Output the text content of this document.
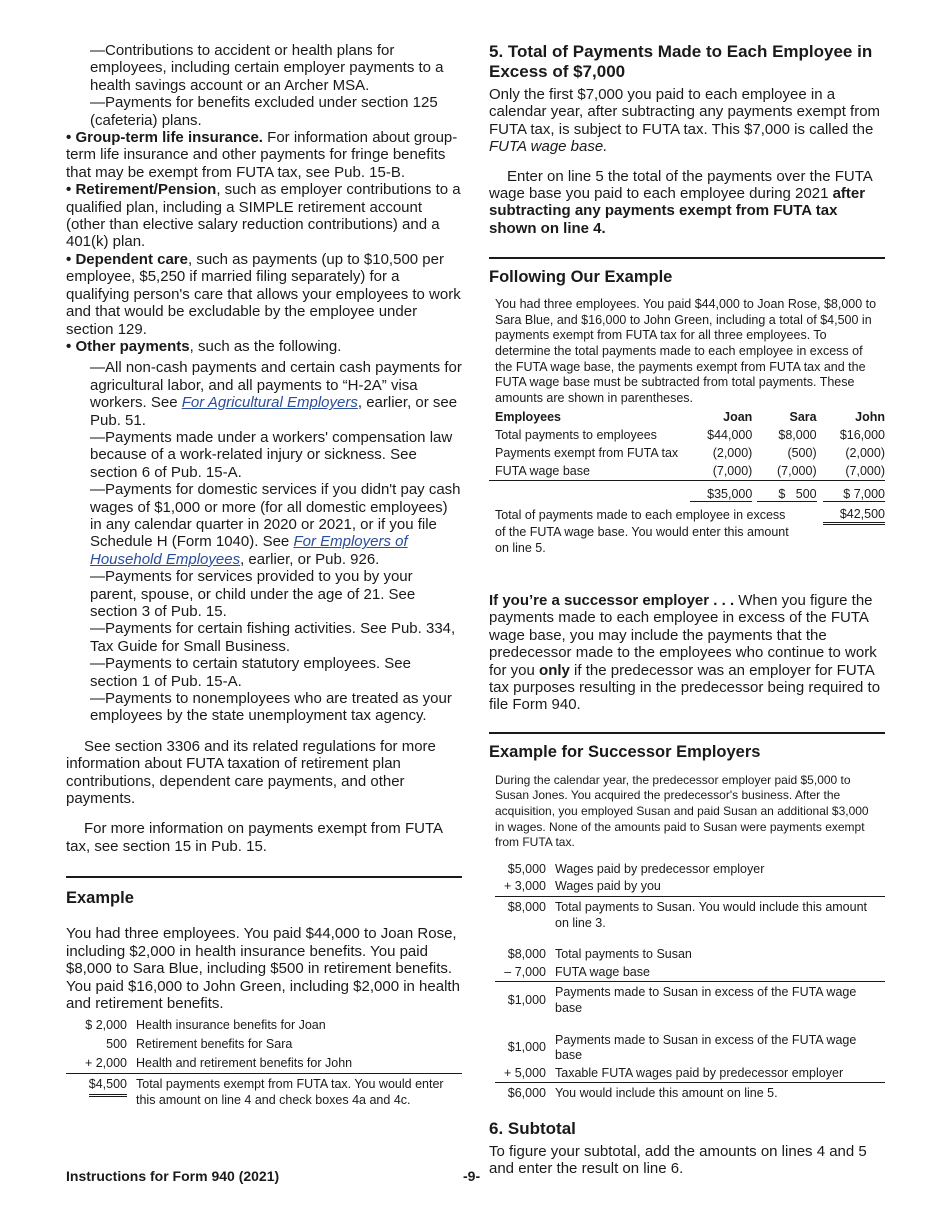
—Contributions to accident or health plans for employees, including certain employer payments to a health savings account or an Archer MSA.

—Payments for benefits excluded under section 125 (cafeteria) plans.

• Group-term life insurance. For information about group-term life insurance and other payments for fringe benefits that may be exempt from FUTA tax, see Pub. 15-B.

• Retirement/Pension, such as employer contributions to a qualified plan, including a SIMPLE retirement account (other than elective salary reduction contributions) and a 401(k) plan.

• Dependent care, such as payments (up to $10,500 per employee, $5,250 if married filing separately) for a qualifying person's care that allows your employees to work and that would be excludable by the employee under section 129.

• Other payments, such as the following.

—All non-cash payments and certain cash payments for agricultural labor, and all payments to “H-2A” visa workers. See For Agricultural Employers, earlier, or see Pub. 51.

—Payments made under a workers' compensation law because of a work-related injury or sickness. See section 6 of Pub. 15-A.

—Payments for domestic services if you didn't pay cash wages of $1,000 or more (for all domestic employees) in any calendar quarter in 2020 or 2021, or if you file Schedule H (Form 1040). See For Employers of Household Employees, earlier, or Pub. 926.

—Payments for services provided to you by your parent, spouse, or child under the age of 21. See section 3 of Pub. 15.

—Payments for certain fishing activities. See Pub. 334, Tax Guide for Small Business.

—Payments to certain statutory employees. See section 1 of Pub. 15-A.

—Payments to nonemployees who are treated as your employees by the state unemployment tax agency.

See section 3306 and its related regulations for more information about FUTA taxation of retirement plan contributions, dependent care payments, and other payments.

For more information on payments exempt from FUTA tax, see section 15 in Pub. 15.

Example

You had three employees. You paid $44,000 to Joan Rose, including $2,000 in health insurance benefits. You paid $8,000 to Sara Blue, including $500 in retirement benefits. You paid $16,000 to John Green, including $2,000 in health and retirement benefits.

$ 2,000	Health insurance benefits for Joan
500	Retirement benefits for Sara
+ 2,000	Health and retirement benefits for John
$4,500	Total payments exempt from FUTA tax. You would enter this amount on line 4 and check boxes 4a and 4c.
5. Total of Payments Made to Each Employee in Excess of $7,000

Only the first $7,000 you paid to each employee in a calendar year, after subtracting any payments exempt from FUTA tax, is subject to FUTA tax. This $7,000 is called the FUTA wage base.

Enter on line 5 the total of the payments over the FUTA wage base you paid to each employee during 2021 after subtracting any payments exempt from FUTA tax shown on line 4.

Following Our Example

You had three employees. You paid $44,000 to Joan Rose, $8,000 to Sara Blue, and $16,000 to John Green, including a total of $4,500 in payments exempt from FUTA tax for all three employees. To determine the total payments made to each employee in excess of the FUTA wage base, the payments exempt from FUTA tax and the FUTA wage base must be subtracted from total payments. These amounts are shown in parentheses.

Employees	Joan	Sara	John
Total payments to employees	$44,000	$8,000	$16,000
Payments exempt from FUTA tax	(2,000)	(500)	(2,000)
FUTA wage base	(7,000)	(7,000)	(7,000)
	$35,000	$   500	$ 7,000
Total of payments made to each employee in excess of the FUTA wage base. You would enter this amount on line 5.			$42,500

If you’re a successor employer . . . When you figure the payments made to each employee in excess of the FUTA wage base, you may include the payments that the predecessor made to the employees who continue to work for you only if the predecessor was an employer for FUTA tax purposes resulting in the predecessor being required to file Form 940.

Example for Successor Employers

During the calendar year, the predecessor employer paid $5,000 to Susan Jones. You acquired the predecessor's business. After the acquisition, you employed Susan and paid Susan an additional $3,000 in wages. None of the amounts paid to Susan were payments exempt from FUTA tax.

$5,000	Wages paid by predecessor employer
+ 3,000	Wages paid by you
$8,000	Total payments to Susan. You would include this amount on line 3.

$8,000	Total payments to Susan
– 7,000	FUTA wage base
$1,000	Payments made to Susan in excess of the FUTA wage base

$1,000	Payments made to Susan in excess of the FUTA wage base
+ 5,000	Taxable FUTA wages paid by predecessor employer
$6,000	You would include this amount on line 5.
6. Subtotal

To figure your subtotal, add the amounts on lines 4 and 5 and enter the result on line 6.

Instructions for Form 940 (2021)	-9-
